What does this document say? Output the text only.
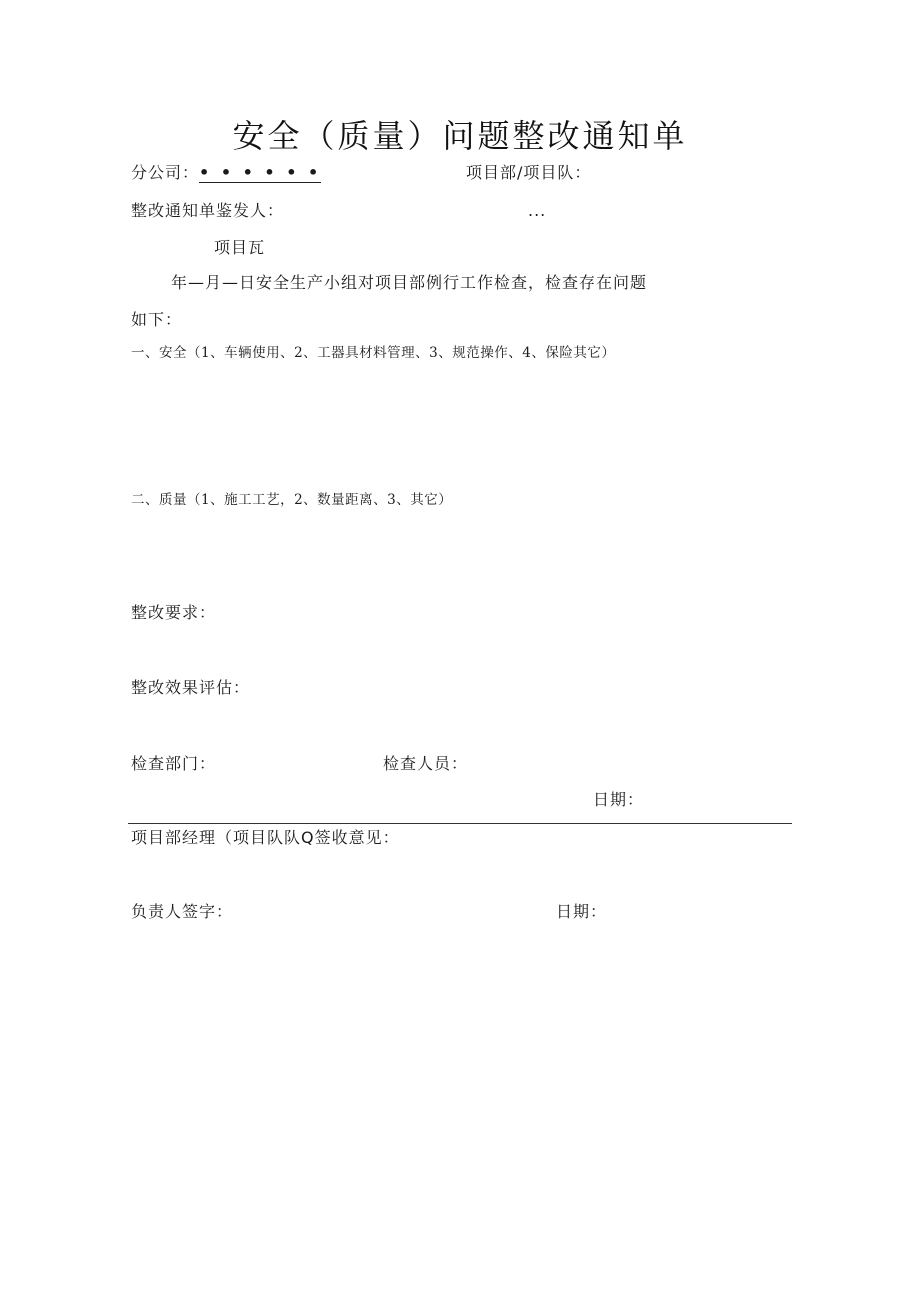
安全（质量）问题整改通知单
分公司：• • • • • •	项目部/项目队：
整改通知单鉴发人：	...
项目瓦
年—月—日安全生产小组对项目部例行工作检查，检查存在问题
如下：
一、安全（1、车辆使用、2、工器具材料管理、3、规范操作、4、保险其它）
二、质量（1、施工工艺，2、数量距离、3、其它）
整改要求：
整改效果评估：
检查部门：	检查人员：
日期：
项目部经理（项目队队Q签收意见：
负责人签字：	日期：
